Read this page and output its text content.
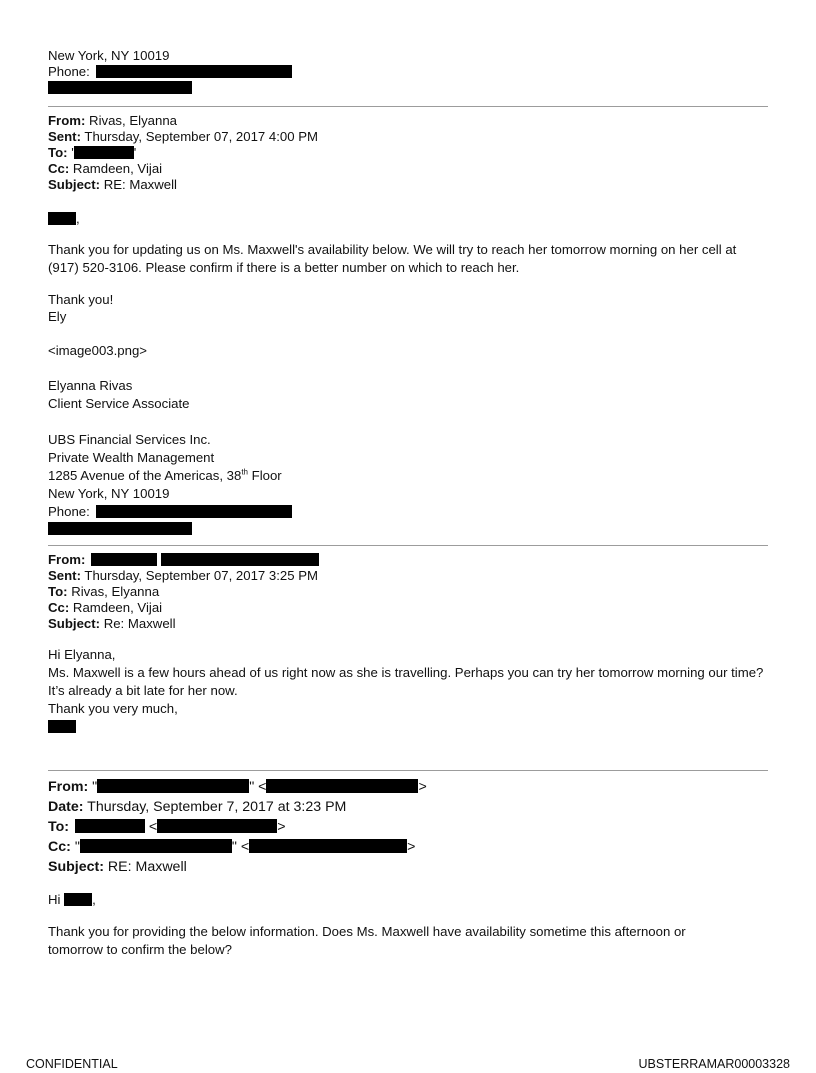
New York, NY 10019
Phone:
From: Rivas, Elyanna
Sent: Thursday, September 07, 2017 4:00 PM
To: '	'
Cc: Ramdeen, Vijai
Subject: RE: Maxwell
,

Thank you for updating us on Ms. Maxwell's availability below. We will try to reach her tomorrow morning on her cell at (917) 520-3106. Please confirm if there is a better number on which to reach her.

Thank you!
Ely
<image003.png>
Elyanna Rivas
Client Service Associate
UBS Financial Services Inc.
Private Wealth Management
1285 Avenue of the Americas, 38th Floor
New York, NY 10019
Phone:
From:
Sent: Thursday, September 07, 2017 3:25 PM
To: Rivas, Elyanna
Cc: Ramdeen, Vijai
Subject: Re: Maxwell
Hi Elyanna,

Ms. Maxwell is a few hours ahead of us right now as she is travelling. Perhaps you can try her tomorrow morning our time? It’s already a bit late for her now.

Thank you very much,
From: "	" <	>
Date: Thursday, September 7, 2017 at 3:23 PM
To:	<	>
Cc: "	" <	>
Subject: RE: Maxwell
Hi ,

Thank you for providing the below information. Does Ms. Maxwell have availability sometime this afternoon or tomorrow to confirm the below?

CONFIDENTIAL	UBSTERRAMAR00003328
